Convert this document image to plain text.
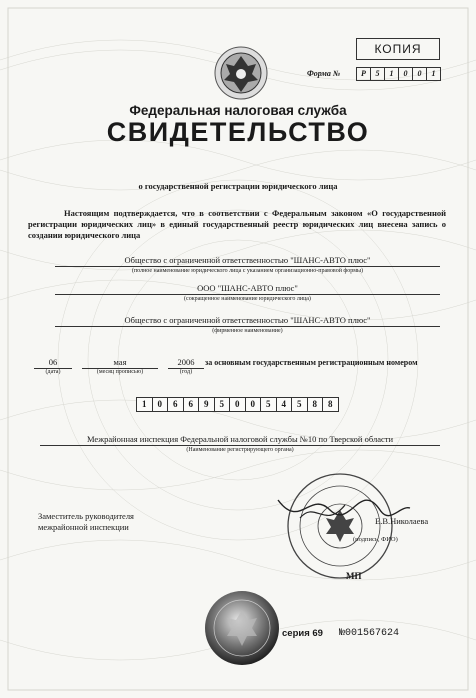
КОПИЯ
Форма №	Р	5	1	0	0	1
Федеральная налоговая служба
СВИДЕТЕЛЬСТВО
о государственной регистрации юридического лица
Настоящим подтверждается, что в соответствии с Федеральным законом «О государственной регистрации юридических лиц» в единый государственный реестр юридических лиц внесена запись о создании юридического лица
Общество с ограниченной ответственностью "ШАНС-АВТО плюс"
(полное наименование юридического лица с указанием организационно-правовой формы)
ООО "ШАНС-АВТО плюс"
(сокращенное наименование юридического лица)
Общество с ограниченной ответственностью "ШАНС-АВТО плюс"
(фирменное наименование)
06
(дата)
мая
(месяц прописью)
2006
(год)
за основным государственным регистрационным номером
1	0	6	6	9	5	0	0	5	4	5	8	8
Межрайонная инспекция Федеральной налоговой службы №10 по Тверской области
(Наименование регистрирующего органа)
Заместитель руководителя
межрайонной инспекции
Е.В.Николаева
(подпись, ФИО)
МП
серия 69 №001567624
